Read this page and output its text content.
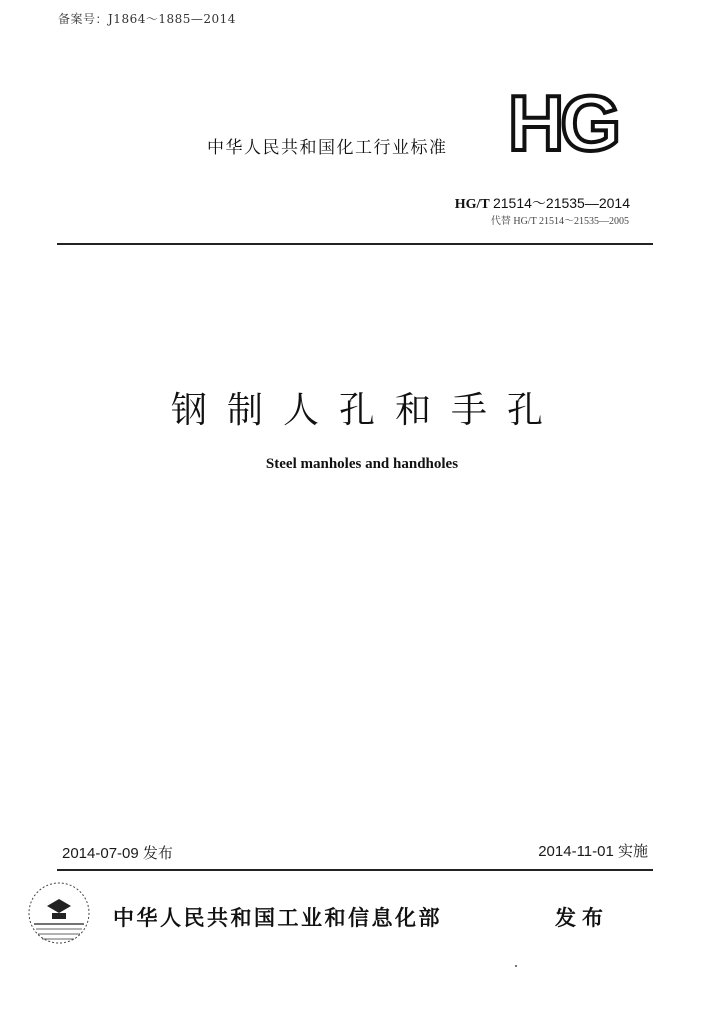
备案号：J1864～1885—2014
中华人民共和国化工行业标准 HG
HG/T 21514～21535—2014
代替 HG/T 21514～21535—2005
钢制人孔和手孔
Steel manholes and handholes
2014-07-09 发布	2014-11-01 实施
中华人民共和国工业和信息化部	发布
